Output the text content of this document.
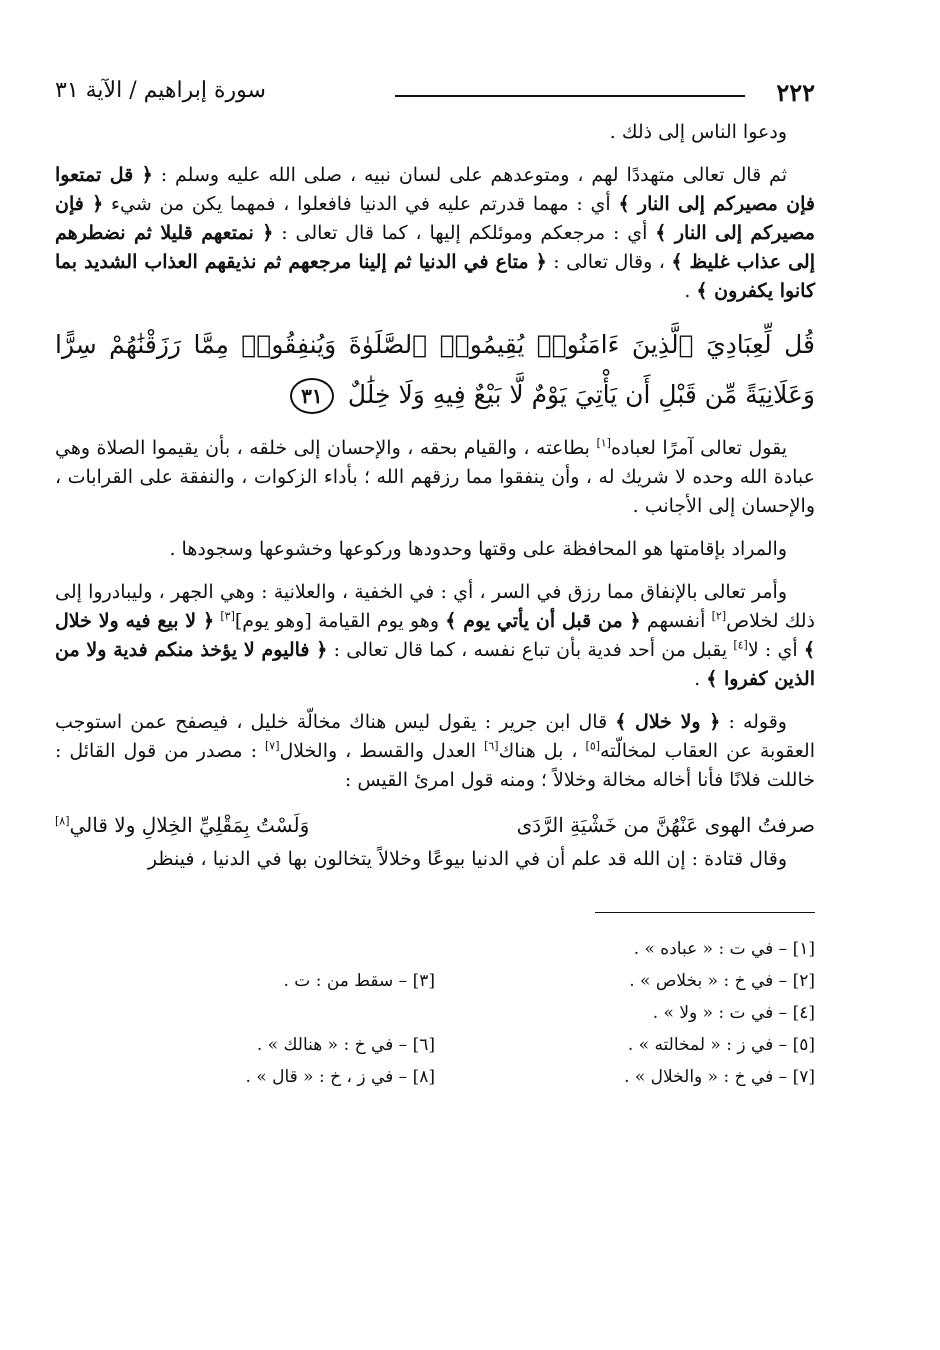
٢٢٢
سورة إبراهيم / الآية ٣١

ودعوا الناس إلى ذلك .

ثم قال تعالى متهددًا لهم ، ومتوعدهم على لسان نبيه ، صلى الله عليه وسلم : ﴿ قل تمتعوا فإن مصيركم إلى النار ﴾ أي : مهما قدرتم عليه في الدنيا فافعلوا ، فمهما يكن من شيء ﴿ فإن مصيركم إلى النار ﴾ أي : مرجعكم وموئلكم إليها ، كما قال تعالى : ﴿ نمتعهم قليلا ثم نضطرهم إلى عذاب غليظ ﴾ ، وقال تعالى : ﴿ متاع في الدنيا ثم إلينا مرجعهم ثم نذيقهم العذاب الشديد بما كانوا يكفرون ﴾ .

قُل لِّعِبَادِيَ ٱلَّذِينَ ءَامَنُوا۟ يُقِيمُوا۟ ٱلصَّلَوٰةَ وَيُنفِقُوا۟ مِمَّا رَزَقْنَٰهُمْ سِرًّا وَعَلَانِيَةً مِّن قَبْلِ أَن يَأْتِيَ يَوْمٌ لَّا بَيْعٌ فِيهِ وَلَا خِلَٰلٌ ٣١

يقول تعالى آمرًا لعباده[١] بطاعته ، والقيام بحقه ، والإحسان إلى خلقه ، بأن يقيموا الصلاة وهي عبادة الله وحده لا شريك له ، وأن ينفقوا مما رزقهم الله ؛ بأداء الزكوات ، والنفقة على القرابات ، والإحسان إلى الأجانب .

والمراد بإقامتها هو المحافظة على وقتها وحدودها وركوعها وخشوعها وسجودها .

وأمر تعالى بالإنفاق مما رزق في السر ، أي : في الخفية ، والعلانية : وهي الجهر ، وليبادروا إلى ذلك لخلاص[٢] أنفسهم ﴿ من قبل أن يأتي يوم ﴾ وهو يوم القيامة [وهو يوم][٣] ﴿ لا بيع فيه ولا خلال ﴾ أي : لا[٤] يقبل من أحد فدية بأن تباع نفسه ، كما قال تعالى : ﴿ فاليوم لا يؤخذ منكم فدية ولا من الذين كفروا ﴾ .

وقوله : ﴿ ولا خلال ﴾ قال ابن جرير : يقول ليس هناك مخالّة خليل ، فيصفح عمن استوجب العقوبة عن العقاب لمخالّته[٥] ، بل هناك[٦] العدل والقسط ، والخلال[٧] : مصدر من قول القائل : خاللت فلانًا فأنا أخاله مخالة وخلالاً ؛ ومنه قول امرئ القيس :

صرفتُ الهوى عَنْهُنَّ من خَشْيَةِ الرَّدَى
وَلَسْتُ بِمَقْلِيِّ الخِلالِ ولا قالي[٨]

وقال قتادة : إن الله قد علم أن في الدنيا بيوعًا وخلالاً يتخالون بها في الدنيا ، فينظر

[١] – في ت : « عباده » .
[٢] – في خ : « بخلاص » .
[٣] – سقط من : ت .
[٤] – في ت : « ولا » .
[٥] – في ز : « لمخالته » .
[٦] – في خ : « هنالك » .
[٧] – في خ : « والخلال » .
[٨] – في ز ، خ : « قال » .
